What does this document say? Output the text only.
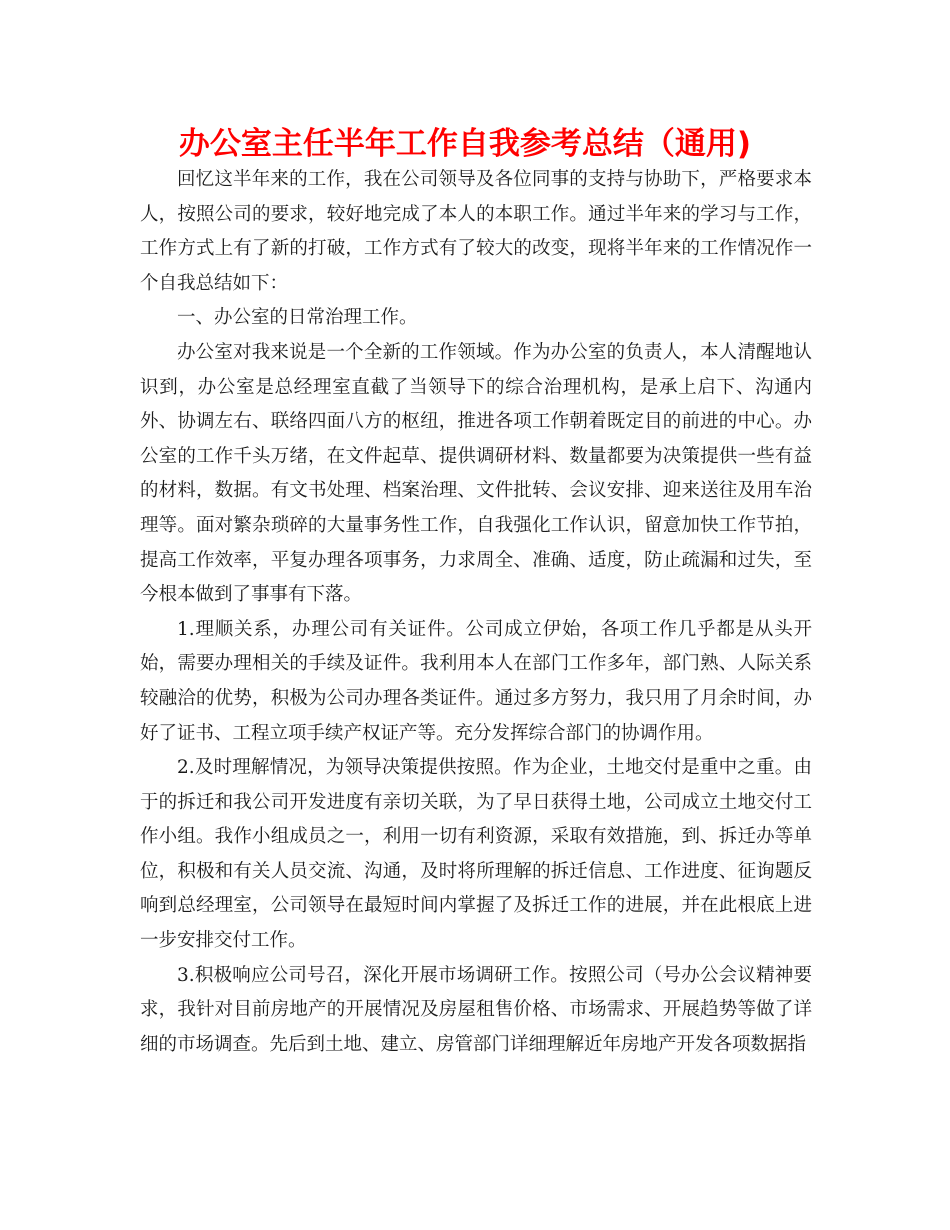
办公室主任半年工作自我参考总结（通用)

回忆这半年来的工作，我在公司领导及各位同事的支持与协助下，严格要求本人，按照公司的要求，较好地完成了本人的本职工作。通过半年来的学习与工作，工作方式上有了新的打破，工作方式有了较大的改变，现将半年来的工作情况作一个自我总结如下：

一、办公室的日常治理工作。

办公室对我来说是一个全新的工作领域。作为办公室的负责人，本人清醒地认识到，办公室是总经理室直截了当领导下的综合治理机构，是承上启下、沟通内外、协调左右、联络四面八方的枢纽，推进各项工作朝着既定目的前进的中心。办公室的工作千头万绪，在文件起草、提供调研材料、数量都要为决策提供一些有益的材料，数据。有文书处理、档案治理、文件批转、会议安排、迎来送往及用车治理等。面对繁杂琐碎的大量事务性工作，自我强化工作认识，留意加快工作节拍，提高工作效率，平复办理各项事务，力求周全、准确、适度，防止疏漏和过失，至今根本做到了事事有下落。

1.理顺关系，办理公司有关证件。公司成立伊始，各项工作几乎都是从头开始，需要办理相关的手续及证件。我利用本人在部门工作多年，部门熟、人际关系较融洽的优势，积极为公司办理各类证件。通过多方努力，我只用了月余时间，办好了证书、工程立项手续产权证产等。充分发挥综合部门的协调作用。

2.及时理解情况，为领导决策提供按照。作为企业，土地交付是重中之重。由于的拆迁和我公司开发进度有亲切关联，为了早日获得土地，公司成立土地交付工作小组。我作小组成员之一，利用一切有利资源，采取有效措施，到、拆迁办等单位，积极和有关人员交流、沟通，及时将所理解的拆迁信息、工作进度、征询题反响到总经理室，公司领导在最短时间内掌握了及拆迁工作的进展，并在此根底上进一步安排交付工作。

3.积极响应公司号召，深化开展市场调研工作。按照公司（号办公会议精神要求，我针对目前房地产的开展情况及房屋租售价格、市场需求、开展趋势等做了详细的市场调查。先后到土地、建立、房管部门详细理解近年房地产开发各项数据指
